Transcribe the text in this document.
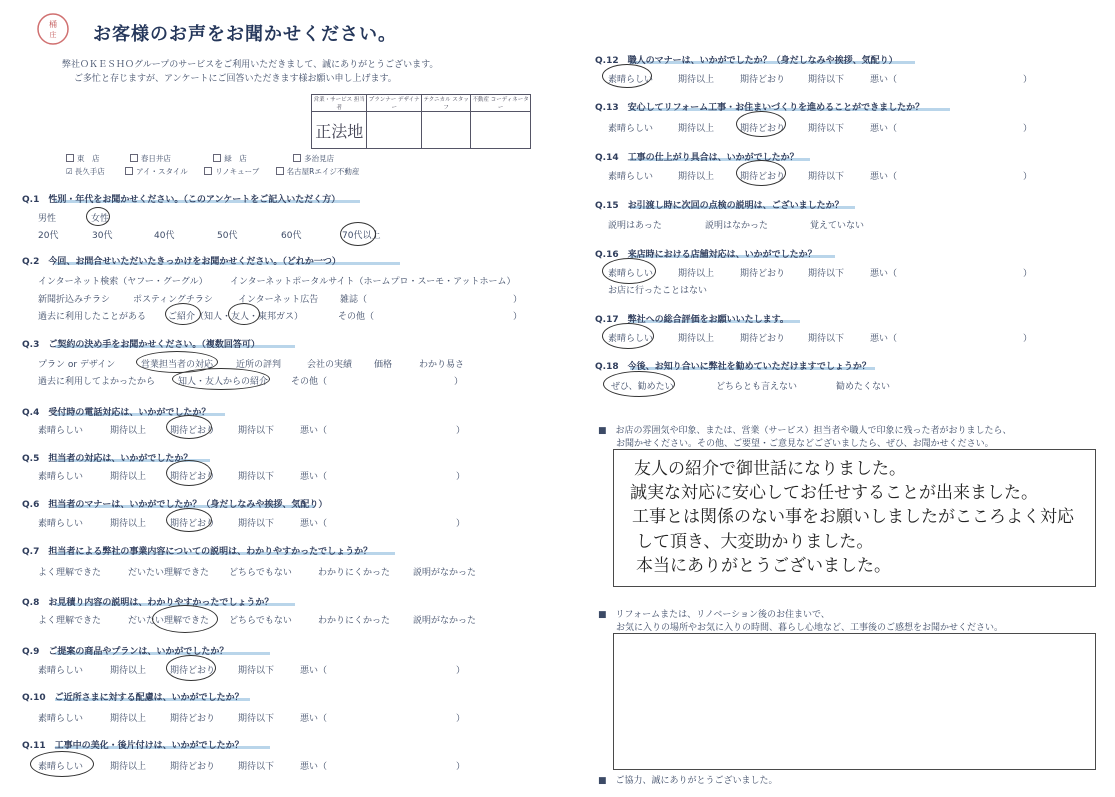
桶
庄 お客様のお声をお聞かせください。
弊社ＯＫＥＳＨＯグループのサービスをご利用いただきまして、誠にありがとうございます。
ご多忙と存じますが、アンケートにご回答いただきます様お願い申し上げます。
営業・サービス 担当者	プランナー デザイナー	テクニカル スタッフ	不動産 コーディネーター
正法地			
東　店	春日井店	緑　店	多治見店
☑ 長久手店	アイ・スタイル	リノキューブ	名古屋Rエイジ不動産
Q.1　性別・年代をお聞かせください。（このアンケートをご記入いただく方）
男性	女性
20代	30代	40代	50代	60代	70代以上
Q.2　今回、お問合せいただいたきっかけをお聞かせください。（どれか一つ）
インターネット検索（ヤフー・グーグル） インターネットポータルサイト（ホームプロ・スーモ・アットホーム）
新聞折込みチラシ	ポスティングチラシ	インターネット広告 雑誌（	）
過去に利用したことがある ご紹介（知人・友人・東邦ガス）	その他（	）
Q.3　ご契約の決め手をお聞かせください。（複数回答可）
プラン or デザイン	営業担当者の対応	近所の評判	会社の実績 価格	わかり易さ
過去に利用してよかったから	知人・友人からの紹介	その他（	）
Q.4　受付時の電話対応は、いかがでしたか？
素晴らしい	期待以上	期待どおり	期待以下	悪い（	）
Q.5　担当者の対応は、いかがでしたか？
素晴らしい	期待以上	期待どおり	期待以下	悪い（	）
Q.6　担当者のマナーは、いかがでしたか？（身だしなみや挨拶、気配り）
素晴らしい	期待以上	期待どおり	期待以下	悪い（	）
Q.7　担当者による弊社の事業内容についての説明は、わかりやすかったでしょうか？
よく理解できた	だいたい理解できた どちらでもない	わかりにくかった	説明がなかった
Q.8　お見積り内容の説明は、わかりやすかったでしょうか？
よく理解できた	だいたい理解できた どちらでもない	わかりにくかった	説明がなかった
Q.9　ご提案の商品やプランは、いかがでしたか？
素晴らしい	期待以上	期待どおり	期待以下	悪い（	）
Q.10　ご近所さまに対する配慮は、いかがでしたか？
素晴らしい	期待以上	期待どおり	期待以下	悪い（	）
Q.11　工事中の美化・後片付けは、いかがでしたか？
素晴らしい	期待以上	期待どおり	期待以下	悪い（	）
Q.12　職人のマナーは、いかがでしたか？（身だしなみや挨拶、気配り）
素晴らしい	期待以上	期待どおり	期待以下	悪い（	）
Q.13　安心してリフォーム工事・お住まいづくりを進めることができましたか？
素晴らしい	期待以上	期待どおり	期待以下	悪い（	）
Q.14　工事の仕上がり具合は、いかがでしたか？
素晴らしい	期待以上	期待どおり	期待以下	悪い（	）
Q.15　お引渡し時に次回の点検の説明は、ございましたか？
説明はあった	説明はなかった	覚えていない
Q.16　来店時における店舗対応は、いかがでしたか？
素晴らしい	期待以上	期待どおり	期待以下	悪い（	）
お店に行ったことはない
Q.17　弊社への総合評価をお願いいたします。
素晴らしい	期待以上	期待どおり	期待以下	悪い（	）
Q.18　今後、お知り合いに弊社を勧めていただけますでしょうか？
ぜひ、勧めたい	どちらとも言えない	勧めたくない
■　お店の雰囲気や印象、または、営業（サービス）担当者や職人で印象に残った者がおりましたら、
お聞かせください。その他、ご要望・ご意見などございましたら、ぜひ、お聞かせください。
友人の紹介で御世話になりました。
誠実な対応に安心してお任せすることが出来ました。
工事とは関係のない事をお願いしましたがこころよく対応
して頂き、大変助かりました。
本当にありがとうございました。
■　リフォームまたは、リノベーション後のお住まいで、
お気に入りの場所やお気に入りの時間、暮らし心地など、工事後のご感想をお聞かせください。
■　ご協力、誠にありがとうございました。
